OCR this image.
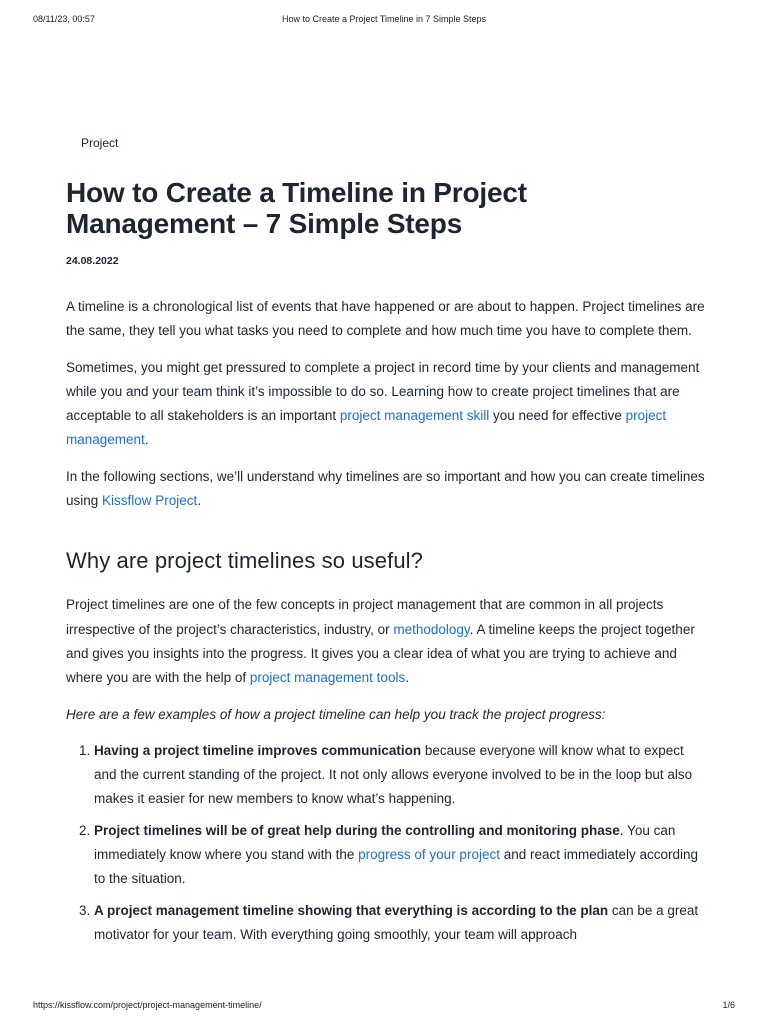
08/11/23, 00:57	How to Create a Project Timeline in 7 Simple Steps
Project
How to Create a Timeline in Project Management – 7 Simple Steps
24.08.2022

A timeline is a chronological list of events that have happened or are about to happen. Project timelines are the same, they tell you what tasks you need to complete and how much time you have to complete them.

Sometimes, you might get pressured to complete a project in record time by your clients and management while you and your team think it’s impossible to do so. Learning how to create project timelines that are acceptable to all stakeholders is an important project management skill you need for effective project management.

In the following sections, we’ll understand why timelines are so important and how you can create timelines using Kissflow Project.

Why are project timelines so useful?

Project timelines are one of the few concepts in project management that are common in all projects irrespective of the project’s characteristics, industry, or methodology. A timeline keeps the project together and gives you insights into the progress. It gives you a clear idea of what you are trying to achieve and where you are with the help of project management tools.

Here are a few examples of how a project timeline can help you track the project progress:

1. Having a project timeline improves communication because everyone will know what to expect and the current standing of the project. It not only allows everyone involved to be in the loop but also makes it easier for new members to know what’s happening.
2. Project timelines will be of great help during the controlling and monitoring phase. You can immediately know where you stand with the progress of your project and react immediately according to the situation.
3. A project management timeline showing that everything is according to the plan can be a great motivator for your team. With everything going smoothly, your team will approach
https://kissflow.com/project/project-management-timeline/	1/6
